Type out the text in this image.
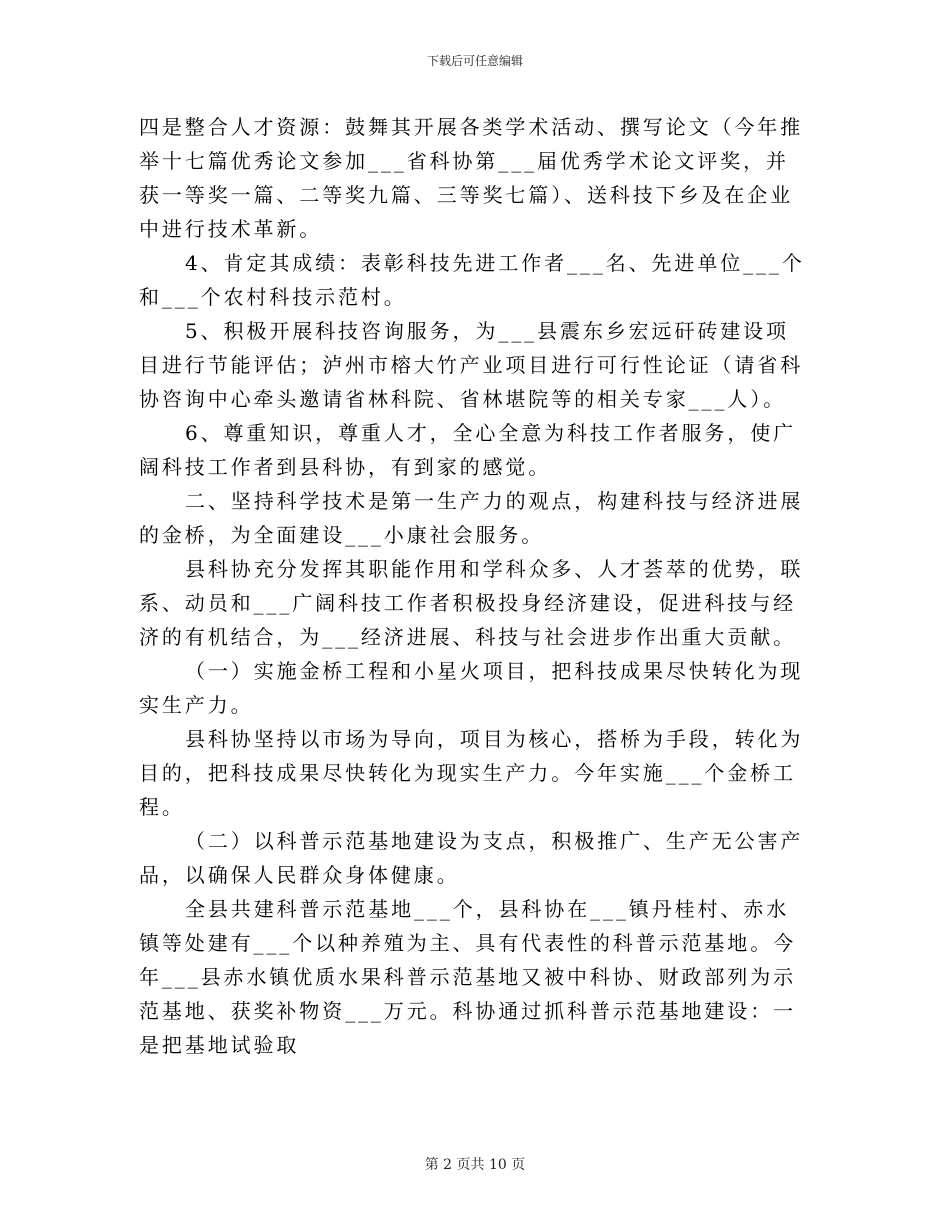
下载后可任意编辑

四是整合人才资源：鼓舞其开展各类学术活动、撰写论文（今年推举十七篇优秀论文参加___省科协第___届优秀学术论文评奖，并获一等奖一篇、二等奖九篇、三等奖七篇）、送科技下乡及在企业中进行技术革新。

4、肯定其成绩：表彰科技先进工作者___名、先进单位___个和___个农村科技示范村。

5、积极开展科技咨询服务，为___县震东乡宏远矸砖建设项目进行节能评估；泸州市榕大竹产业项目进行可行性论证（请省科协咨询中心牵头邀请省林科院、省林堪院等的相关专家___人）。

6、尊重知识，尊重人才，全心全意为科技工作者服务，使广阔科技工作者到县科协，有到家的感觉。

二、坚持科学技术是第一生产力的观点，构建科技与经济进展的金桥，为全面建设___小康社会服务。

县科协充分发挥其职能作用和学科众多、人才荟萃的优势，联系、动员和___广阔科技工作者积极投身经济建设，促进科技与经济的有机结合，为___经济进展、科技与社会进步作出重大贡献。

（一）实施金桥工程和小星火项目，把科技成果尽快转化为现实生产力。

县科协坚持以市场为导向，项目为核心，搭桥为手段，转化为目的，把科技成果尽快转化为现实生产力。今年实施___个金桥工程。

（二）以科普示范基地建设为支点，积极推广、生产无公害产品，以确保人民群众身体健康。

全县共建科普示范基地___个，县科协在___镇丹桂村、赤水镇等处建有___个以种养殖为主、具有代表性的科普示范基地。今年___县赤水镇优质水果科普示范基地又被中科协、财政部列为示范基地、获奖补物资___万元。科协通过抓科普示范基地建设：一是把基地试验取

第 2 页共 10 页
